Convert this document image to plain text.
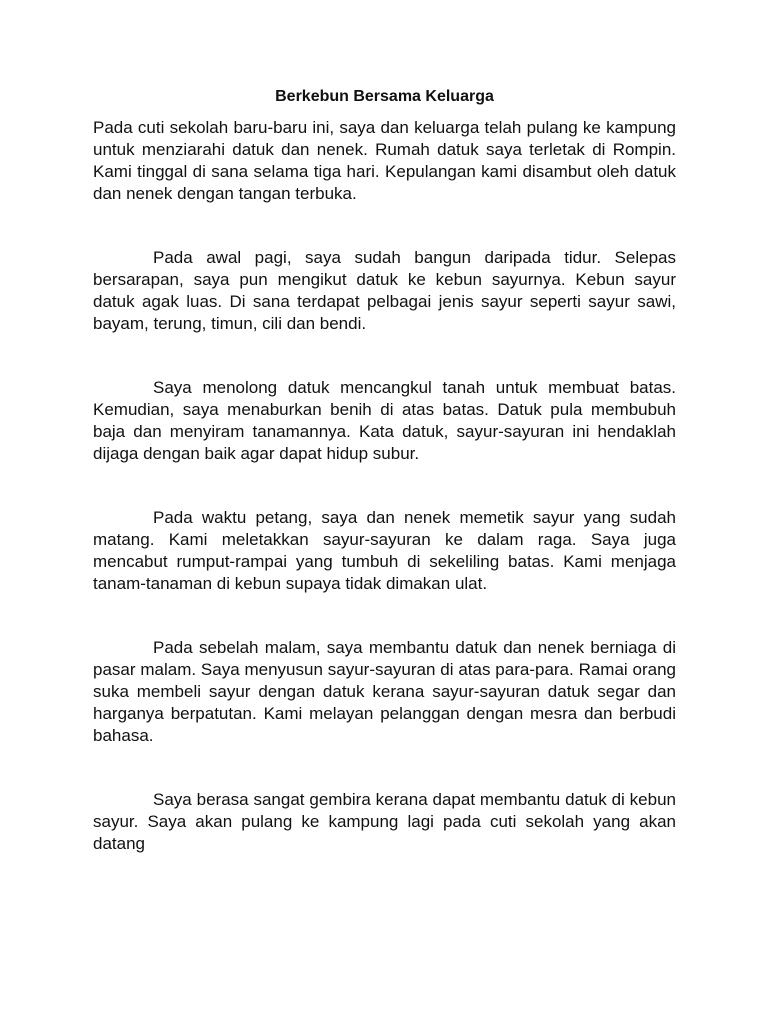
Berkebun Bersama Keluarga

Pada cuti sekolah baru-baru ini, saya dan keluarga telah pulang ke kampung untuk menziarahi datuk dan nenek. Rumah datuk saya terletak di Rompin. Kami tinggal di sana selama tiga hari. Kepulangan kami disambut oleh datuk dan nenek dengan tangan terbuka.

Pada awal pagi, saya sudah bangun daripada tidur. Selepas bersarapan, saya pun mengikut datuk ke kebun sayurnya. Kebun sayur datuk agak luas. Di sana terdapat pelbagai jenis sayur seperti sayur sawi, bayam, terung, timun, cili dan bendi.

Saya menolong datuk mencangkul tanah untuk membuat batas. Kemudian, saya menaburkan benih di atas batas. Datuk pula membubuh baja dan menyiram tanamannya. Kata datuk, sayur-sayuran ini hendaklah dijaga dengan baik agar dapat hidup subur.

Pada waktu petang, saya dan nenek memetik sayur yang sudah matang. Kami meletakkan sayur-sayuran ke dalam raga. Saya juga mencabut rumput-rampai yang tumbuh di sekeliling batas. Kami menjaga tanam-tanaman di kebun supaya tidak dimakan ulat.

Pada sebelah malam, saya membantu datuk dan nenek berniaga di pasar malam. Saya menyusun sayur-sayuran di atas para-para. Ramai orang suka membeli sayur dengan datuk kerana sayur-sayuran datuk segar dan harganya berpatutan. Kami melayan pelanggan dengan mesra dan berbudi bahasa.

Saya berasa sangat gembira kerana dapat membantu datuk di kebun sayur. Saya akan pulang ke kampung lagi pada cuti sekolah yang akan datang
